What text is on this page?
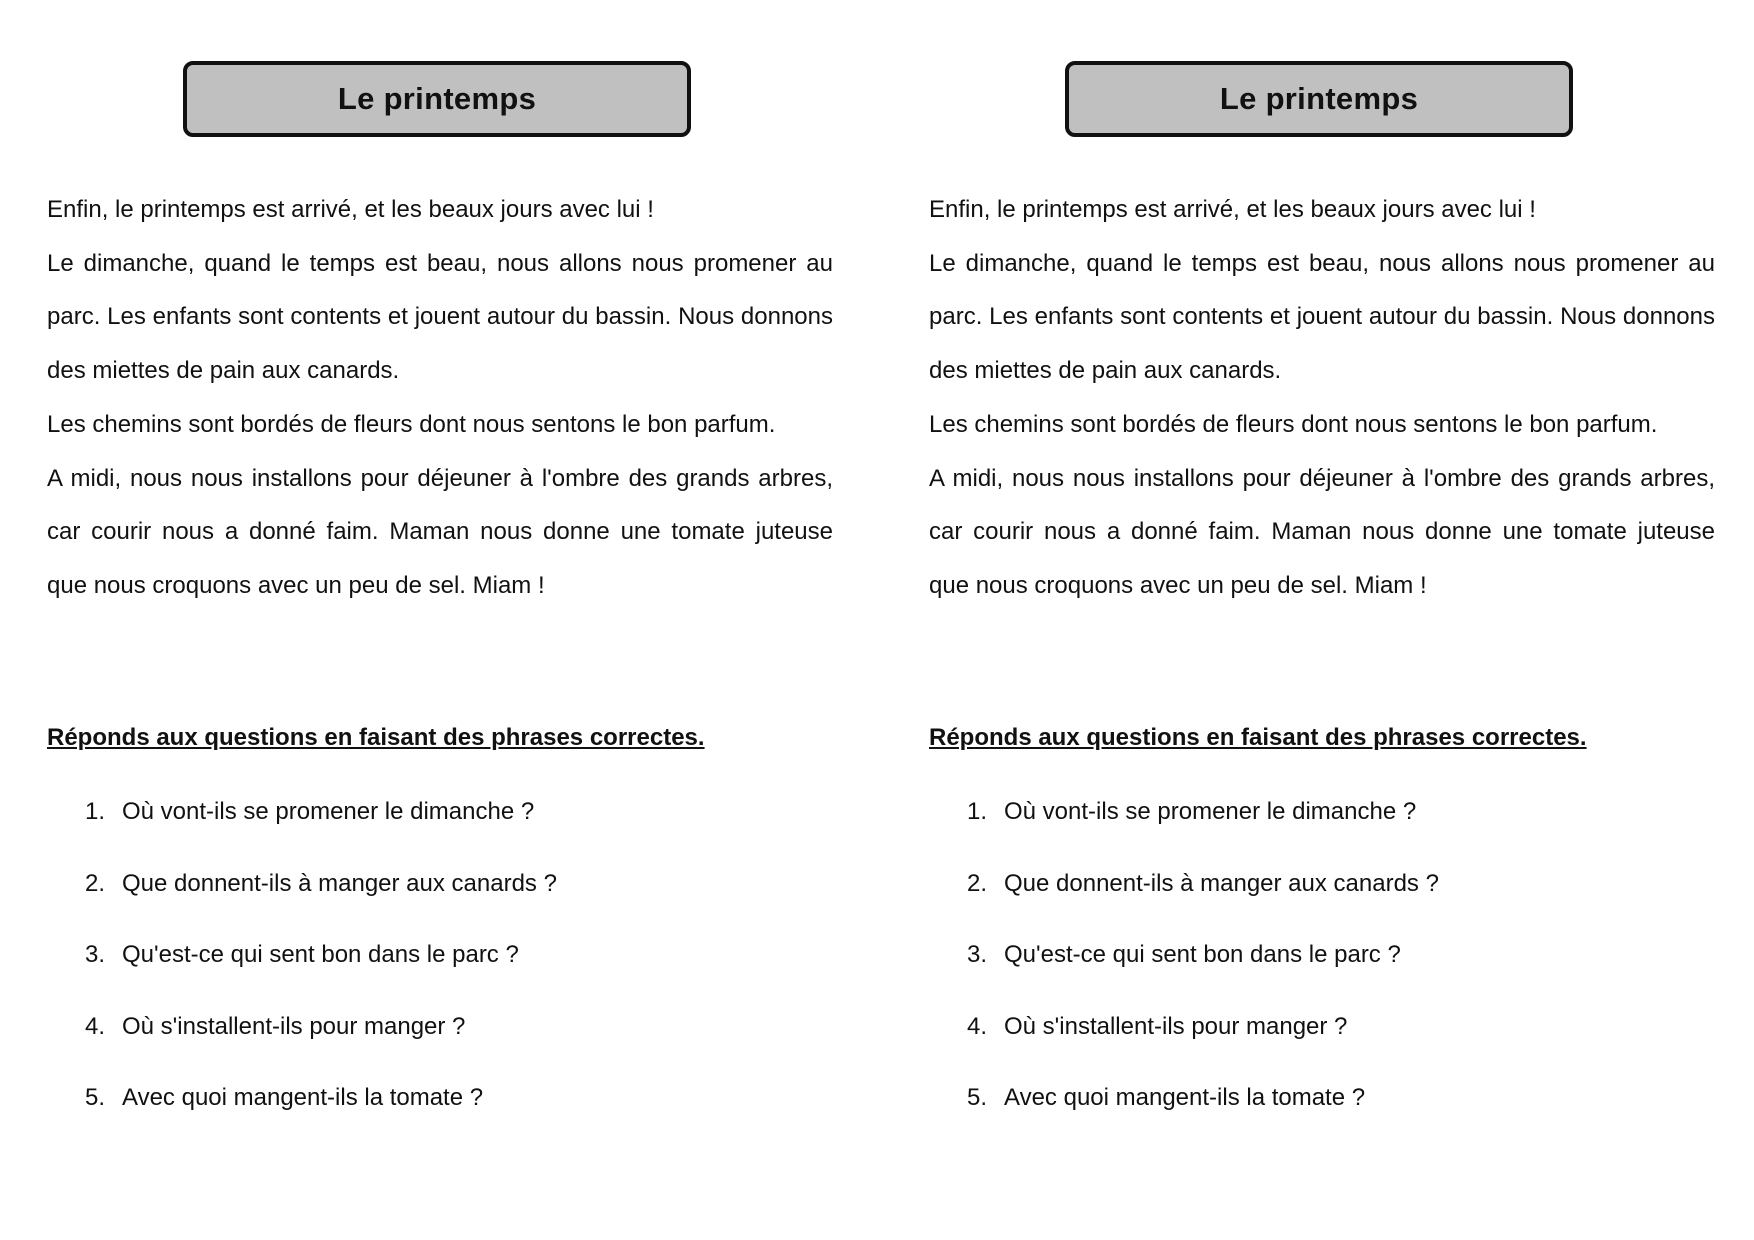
Le printemps

Enfin, le printemps est arrivé, et les beaux jours avec lui !

Le dimanche, quand le temps est beau, nous allons nous promener au parc. Les enfants sont contents et jouent autour du bassin. Nous donnons des miettes de pain aux canards.

Les chemins sont bordés de fleurs dont nous sentons le bon parfum.

A midi, nous nous installons pour déjeuner à l'ombre des grands arbres, car courir nous a donné faim. Maman nous donne une tomate juteuse que nous croquons avec un peu de sel. Miam !

Réponds aux questions en faisant des phrases correctes.
1. Où vont-ils se promener le dimanche ?
2. Que donnent-ils à manger aux canards ?
3. Qu'est-ce qui sent bon dans le parc ?
4. Où s'installent-ils pour manger ?
5. Avec quoi mangent-ils la tomate ?
Le printemps

Enfin, le printemps est arrivé, et les beaux jours avec lui !

Le dimanche, quand le temps est beau, nous allons nous promener au parc. Les enfants sont contents et jouent autour du bassin. Nous donnons des miettes de pain aux canards.

Les chemins sont bordés de fleurs dont nous sentons le bon parfum.

A midi, nous nous installons pour déjeuner à l'ombre des grands arbres, car courir nous a donné faim. Maman nous donne une tomate juteuse que nous croquons avec un peu de sel. Miam !

Réponds aux questions en faisant des phrases correctes.
1. Où vont-ils se promener le dimanche ?
2. Que donnent-ils à manger aux canards ?
3. Qu'est-ce qui sent bon dans le parc ?
4. Où s'installent-ils pour manger ?
5. Avec quoi mangent-ils la tomate ?
